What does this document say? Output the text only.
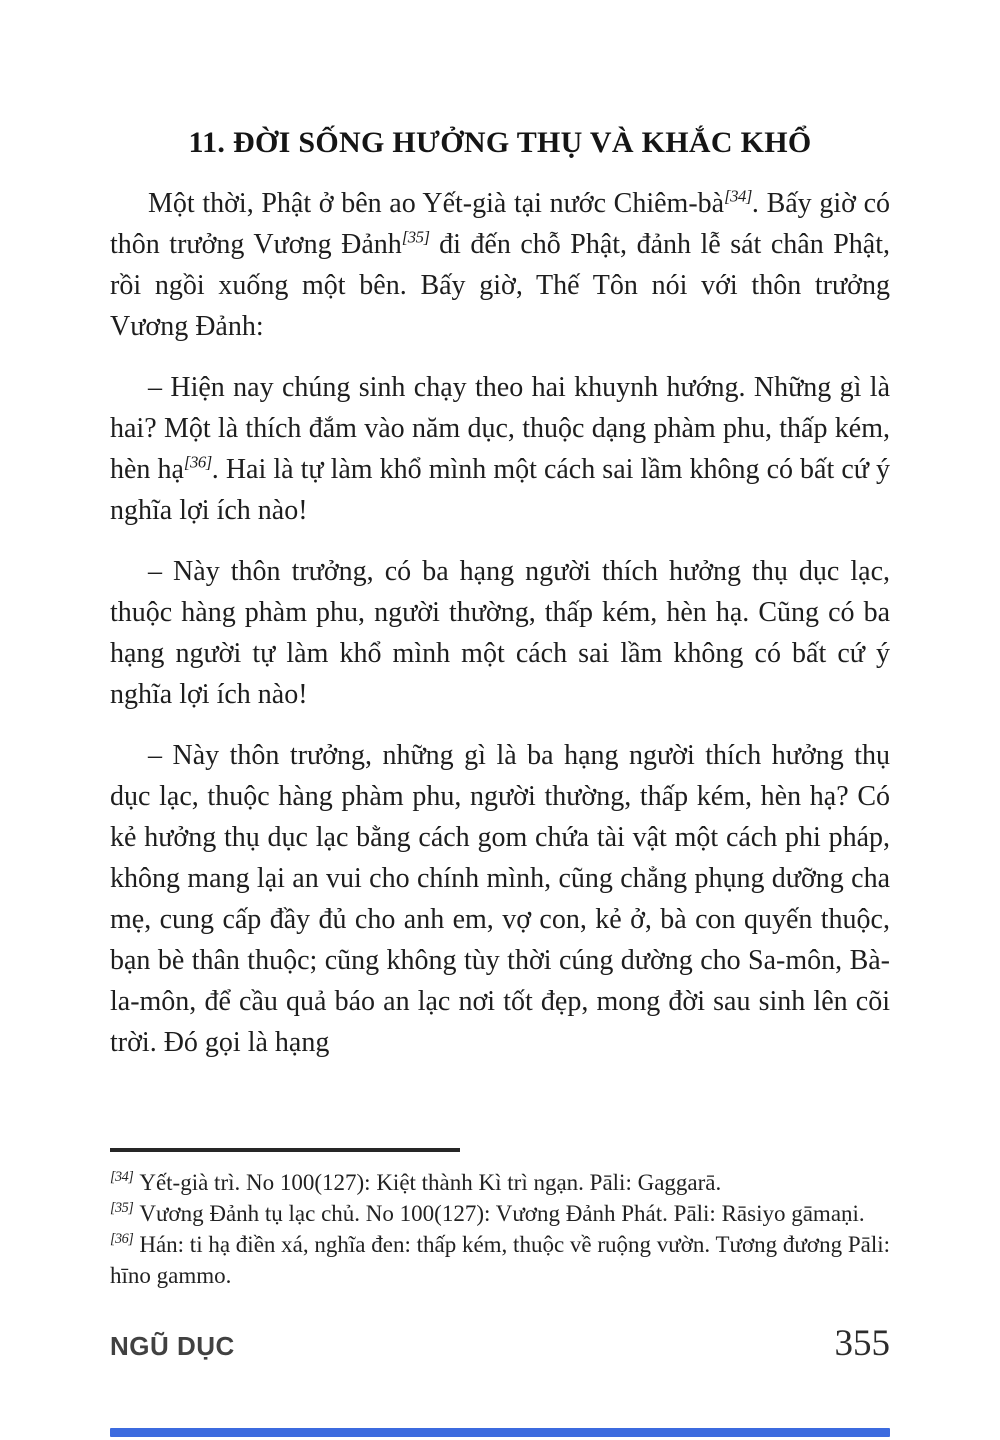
11. ĐỜI SỐNG HƯỞNG THỤ VÀ KHẮC KHỔ

Một thời, Phật ở bên ao Yết-già tại nước Chiêm-bà[34]. Bấy giờ có thôn trưởng Vương Đảnh[35] đi đến chỗ Phật, đảnh lễ sát chân Phật, rồi ngồi xuống một bên. Bấy giờ, Thế Tôn nói với thôn trưởng Vương Đảnh:

– Hiện nay chúng sinh chạy theo hai khuynh hướng. Những gì là hai? Một là thích đắm vào năm dục, thuộc dạng phàm phu, thấp kém, hèn hạ[36]. Hai là tự làm khổ mình một cách sai lầm không có bất cứ ý nghĩa lợi ích nào!

– Này thôn trưởng, có ba hạng người thích hưởng thụ dục lạc, thuộc hàng phàm phu, người thường, thấp kém, hèn hạ. Cũng có ba hạng người tự làm khổ mình một cách sai lầm không có bất cứ ý nghĩa lợi ích nào!

– Này thôn trưởng, những gì là ba hạng người thích hưởng thụ dục lạc, thuộc hàng phàm phu, người thường, thấp kém, hèn hạ? Có kẻ hưởng thụ dục lạc bằng cách gom chứa tài vật một cách phi pháp, không mang lại an vui cho chính mình, cũng chẳng phụng dưỡng cha mẹ, cung cấp đầy đủ cho anh em, vợ con, kẻ ở, bà con quyến thuộc, bạn bè thân thuộc; cũng không tùy thời cúng dường cho Sa-môn, Bà-la-môn, để cầu quả báo an lạc nơi tốt đẹp, mong đời sau sinh lên cõi trời. Đó gọi là hạng

[34] Yết-già trì. No 100(127): Kiệt thành Kì trì ngạn. Pāli: Gaggarā.

[35] Vương Đảnh tụ lạc chủ. No 100(127): Vương Đảnh Phát. Pāli: Rāsiyo gāmaṇi.

[36] Hán: ti hạ điền xá, nghĩa đen: thấp kém, thuộc về ruộng vườn. Tương đương Pāli: hīno gammo.

NGŨ DỤC	355
